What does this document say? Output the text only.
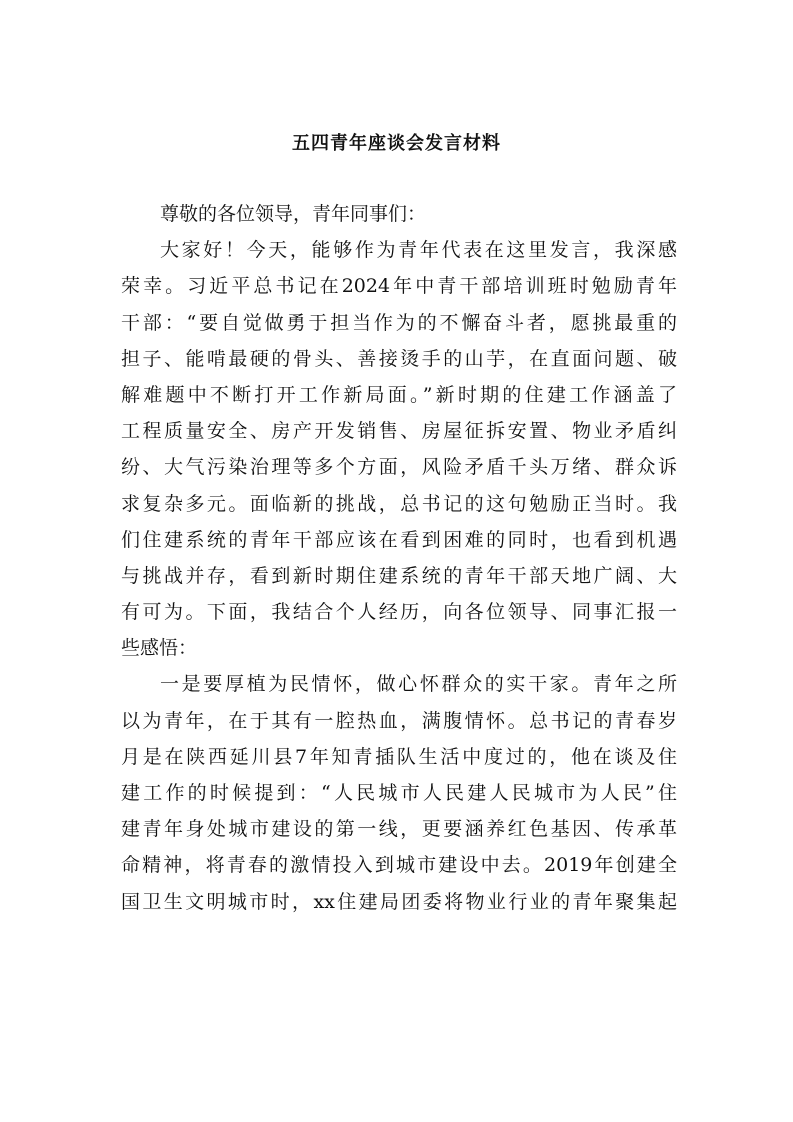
五四青年座谈会发言材料
尊敬的各位领导，青年同事们：
大家好！今天，能够作为青年代表在这里发言，我深感
荣幸。习近平总书记在2024年中青干部培训班时勉励青年
干部：“要自觉做勇于担当作为的不懈奋斗者，愿挑最重的
担子、能啃最硬的骨头、善接烫手的山芋，在直面问题、破
解难题中不断打开工作新局面。”新时期的住建工作涵盖了
工程质量安全、房产开发销售、房屋征拆安置、物业矛盾纠
纷、大气污染治理等多个方面，风险矛盾千头万绪、群众诉
求复杂多元。面临新的挑战，总书记的这句勉励正当时。我
们住建系统的青年干部应该在看到困难的同时，也看到机遇
与挑战并存，看到新时期住建系统的青年干部天地广阔、大
有可为。下面，我结合个人经历，向各位领导、同事汇报一
些感悟：
一是要厚植为民情怀，做心怀群众的实干家。青年之所
以为青年，在于其有一腔热血，满腹情怀。总书记的青春岁
月是在陕西延川县7年知青插队生活中度过的，他在谈及住
建工作的时候提到：“人民城市人民建人民城市为人民”住
建青年身处城市建设的第一线，更要涵养红色基因、传承革
命精神，将青春的激情投入到城市建设中去。2019年创建全
国卫生文明城市时，xx住建局团委将物业行业的青年聚集起
